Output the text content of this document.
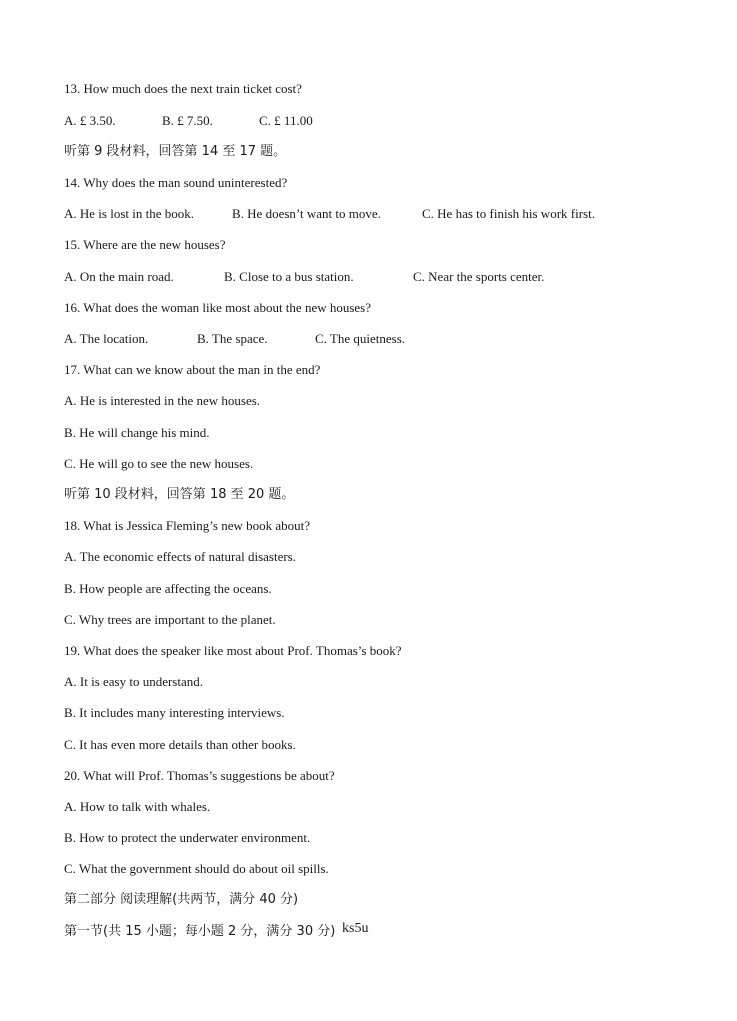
13. How much does the next train ticket cost?
A. £ 3.50.	B. £ 7.50.	C. £ 11.00
听第 9 段材料，回答第 14 至 17 题。
14. Why does the man sound uninterested?
A. He is lost in the book.	B. He doesn’t want to move.	C. He has to finish his work first.
15. Where are the new houses?
A. On the main road.	B. Close to a bus station.	C. Near the sports center.
16. What does the woman like most about the new houses?
A. The location.	B. The space.	C. The quietness.
17. What can we know about the man in the end?
A. He is interested in the new houses.
B. He will change his mind.
C. He will go to see the new houses.
听第 10 段材料，回答第 18 至 20 题。
18. What is Jessica Fleming’s new book about?
A. The economic effects of natural disasters.
B. How people are affecting the oceans.
C. Why trees are important to the planet.
19. What does the speaker like most about Prof. Thomas’s book?
A. It is easy to understand.
B. It includes many interesting interviews.
C. It has even more details than other books.
20. What will Prof. Thomas’s suggestions be about?
A. How to talk with whales.
B. How to protect the underwater environment.
C. What the government should do about oil spills.
第二部分 阅读理解(共两节，满分 40 分)
第一节(共 15 小题；每小题 2 分，满分 30 分) ks5u
